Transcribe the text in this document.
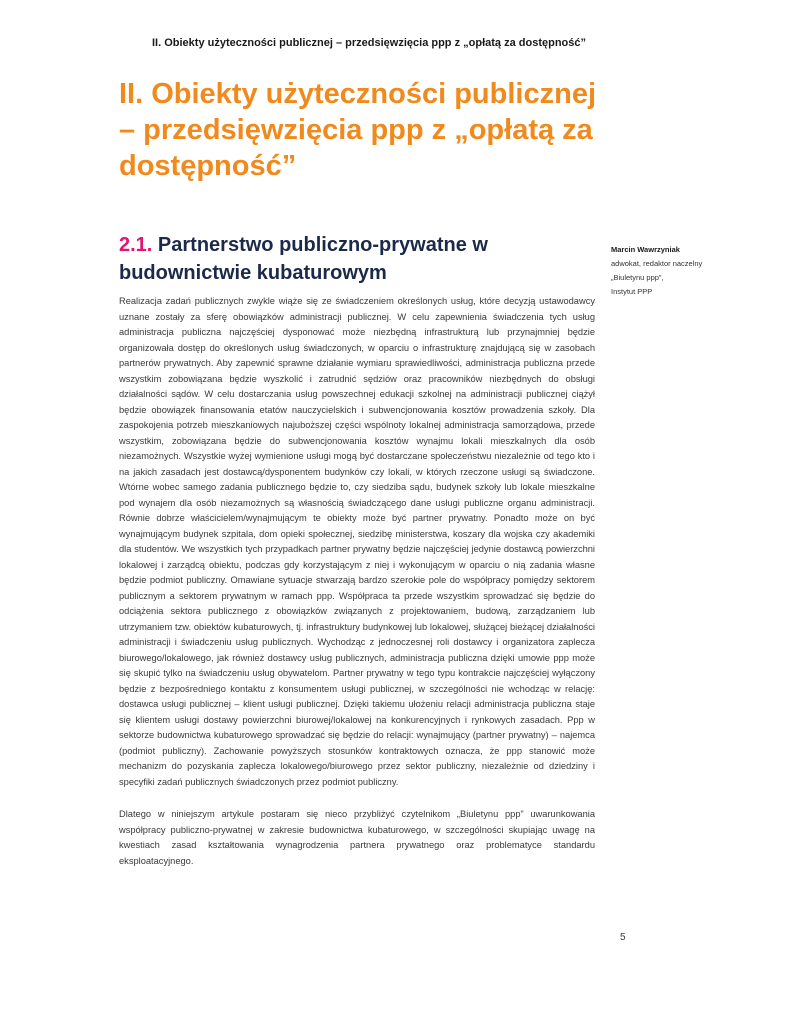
II. Obiekty użyteczności publicznej – przedsięwzięcia ppp z „opłatą za dostępność”
II. Obiekty użyteczności publicznej – przedsięwzięcia ppp z „opłatą za dostępność”
2.1. Partnerstwo publiczno-prywatne w budownictwie kubaturowym
Marcin Wawrzyniak
adwokat, redaktor naczelny
„Biuletynu ppp”,
Instytut PPP

Realizacja zadań publicznych zwykle wiąże się ze świadczeniem określonych usług, które decyzją ustawodawcy uznane zostały za sferę obowiązków administracji publicznej. W celu zapewnienia świadczenia tych usług administracja publiczna najczęściej dysponować może niezbędną infrastrukturą lub przynajmniej będzie organizowała dostęp do określonych usług świadczonych, w oparciu o infrastrukturę znajdującą się w zasobach partnerów prywatnych. Aby zapewnić sprawne działanie wymiaru sprawiedliwości, administracja publiczna przede wszystkim zobowiązana będzie wyszkolić i zatrudnić sędziów oraz pracowników niezbędnych do obsługi działalności sądów. W celu dostarczania usług powszechnej edukacji szkolnej na administracji publicznej ciążył będzie obowiązek finansowania etatów nauczycielskich i subwencjonowania kosztów prowadzenia szkoły. Dla zaspokojenia potrzeb mieszkaniowych najuboższej części wspólnoty lokalnej administracja samorządowa, przede wszystkim, zobowiązana będzie do subwencjonowania kosztów wynajmu lokali mieszkalnych dla osób niezamożnych. Wszystkie wyżej wymienione usługi mogą być dostarczane społeczeństwu niezależnie od tego kto i na jakich zasadach jest dostawcą/dysponentem budynków czy lokali, w których rzeczone usługi są świadczone. Wtórne wobec samego zadania publicznego będzie to, czy siedziba sądu, budynek szkoły lub lokale mieszkalne pod wynajem dla osób niezamożnych są własnością świadczącego dane usługi publiczne organu administracji. Równie dobrze właścicielem/wynajmującym te obiekty może być partner prywatny. Ponadto może on być wynajmującym budynek szpitala, dom opieki społecznej, siedzibę ministerstwa, koszary dla wojska czy akademiki dla studentów. We wszystkich tych przypadkach partner prywatny będzie najczęściej jedynie dostawcą powierzchni lokalowej i zarządcą obiektu, podczas gdy korzystającym z niej i wykonującym w oparciu o nią zadania własne będzie podmiot publiczny. Omawiane sytuacje stwarzają bardzo szerokie pole do współpracy pomiędzy sektorem publicznym a sektorem prywatnym w ramach ppp. Współpraca ta przede wszystkim sprowadzać się będzie do odciążenia sektora publicznego z obowiązków związanych z projektowaniem, budową, zarządzaniem lub utrzymaniem tzw. obiektów kubaturowych, tj. infrastruktury budynkowej lub lokalowej, służącej bieżącej działalności administracji i świadczeniu usług publicznych. Wychodząc z jednoczesnej roli dostawcy i organizatora zaplecza biurowego/lokalowego, jak również dostawcy usług publicznych, administracja publiczna dzięki umowie ppp może się skupić tylko na świadczeniu usług obywatelom. Partner prywatny w tego typu kontrakcie najczęściej wyłączony będzie z bezpośredniego kontaktu z konsumentem usługi publicznej, w szczególności nie wchodząc w relację: dostawca usługi publicznej – klient usługi publicznej. Dzięki takiemu ułożeniu relacji administracja publiczna staje się klientem usługi dostawy powierzchni biurowej/lokalowej na konkurencyjnych i rynkowych zasadach. Ppp w sektorze budownictwa kubaturowego sprowadzać się będzie do relacji: wynajmujący (partner prywatny) – najemca (podmiot publiczny). Zachowanie powyższych stosunków kontraktowych oznacza, że ppp stanowić może mechanizm do pozyskania zaplecza lokalowego/biurowego przez sektor publiczny, niezależnie od dziedziny i specyfiki zadań publicznych świadczonych przez podmiot publiczny.

Dlatego w niniejszym artykule postaram się nieco przybliżyć czytelnikom „Biuletynu ppp” uwarunkowania współpracy publiczno-prywatnej w zakresie budownictwa kubaturowego, w szczególności skupiając uwagę na kwestiach zasad kształtowania wynagrodzenia partnera prywatnego oraz problematyce standardu eksploatacyjnego.

5
